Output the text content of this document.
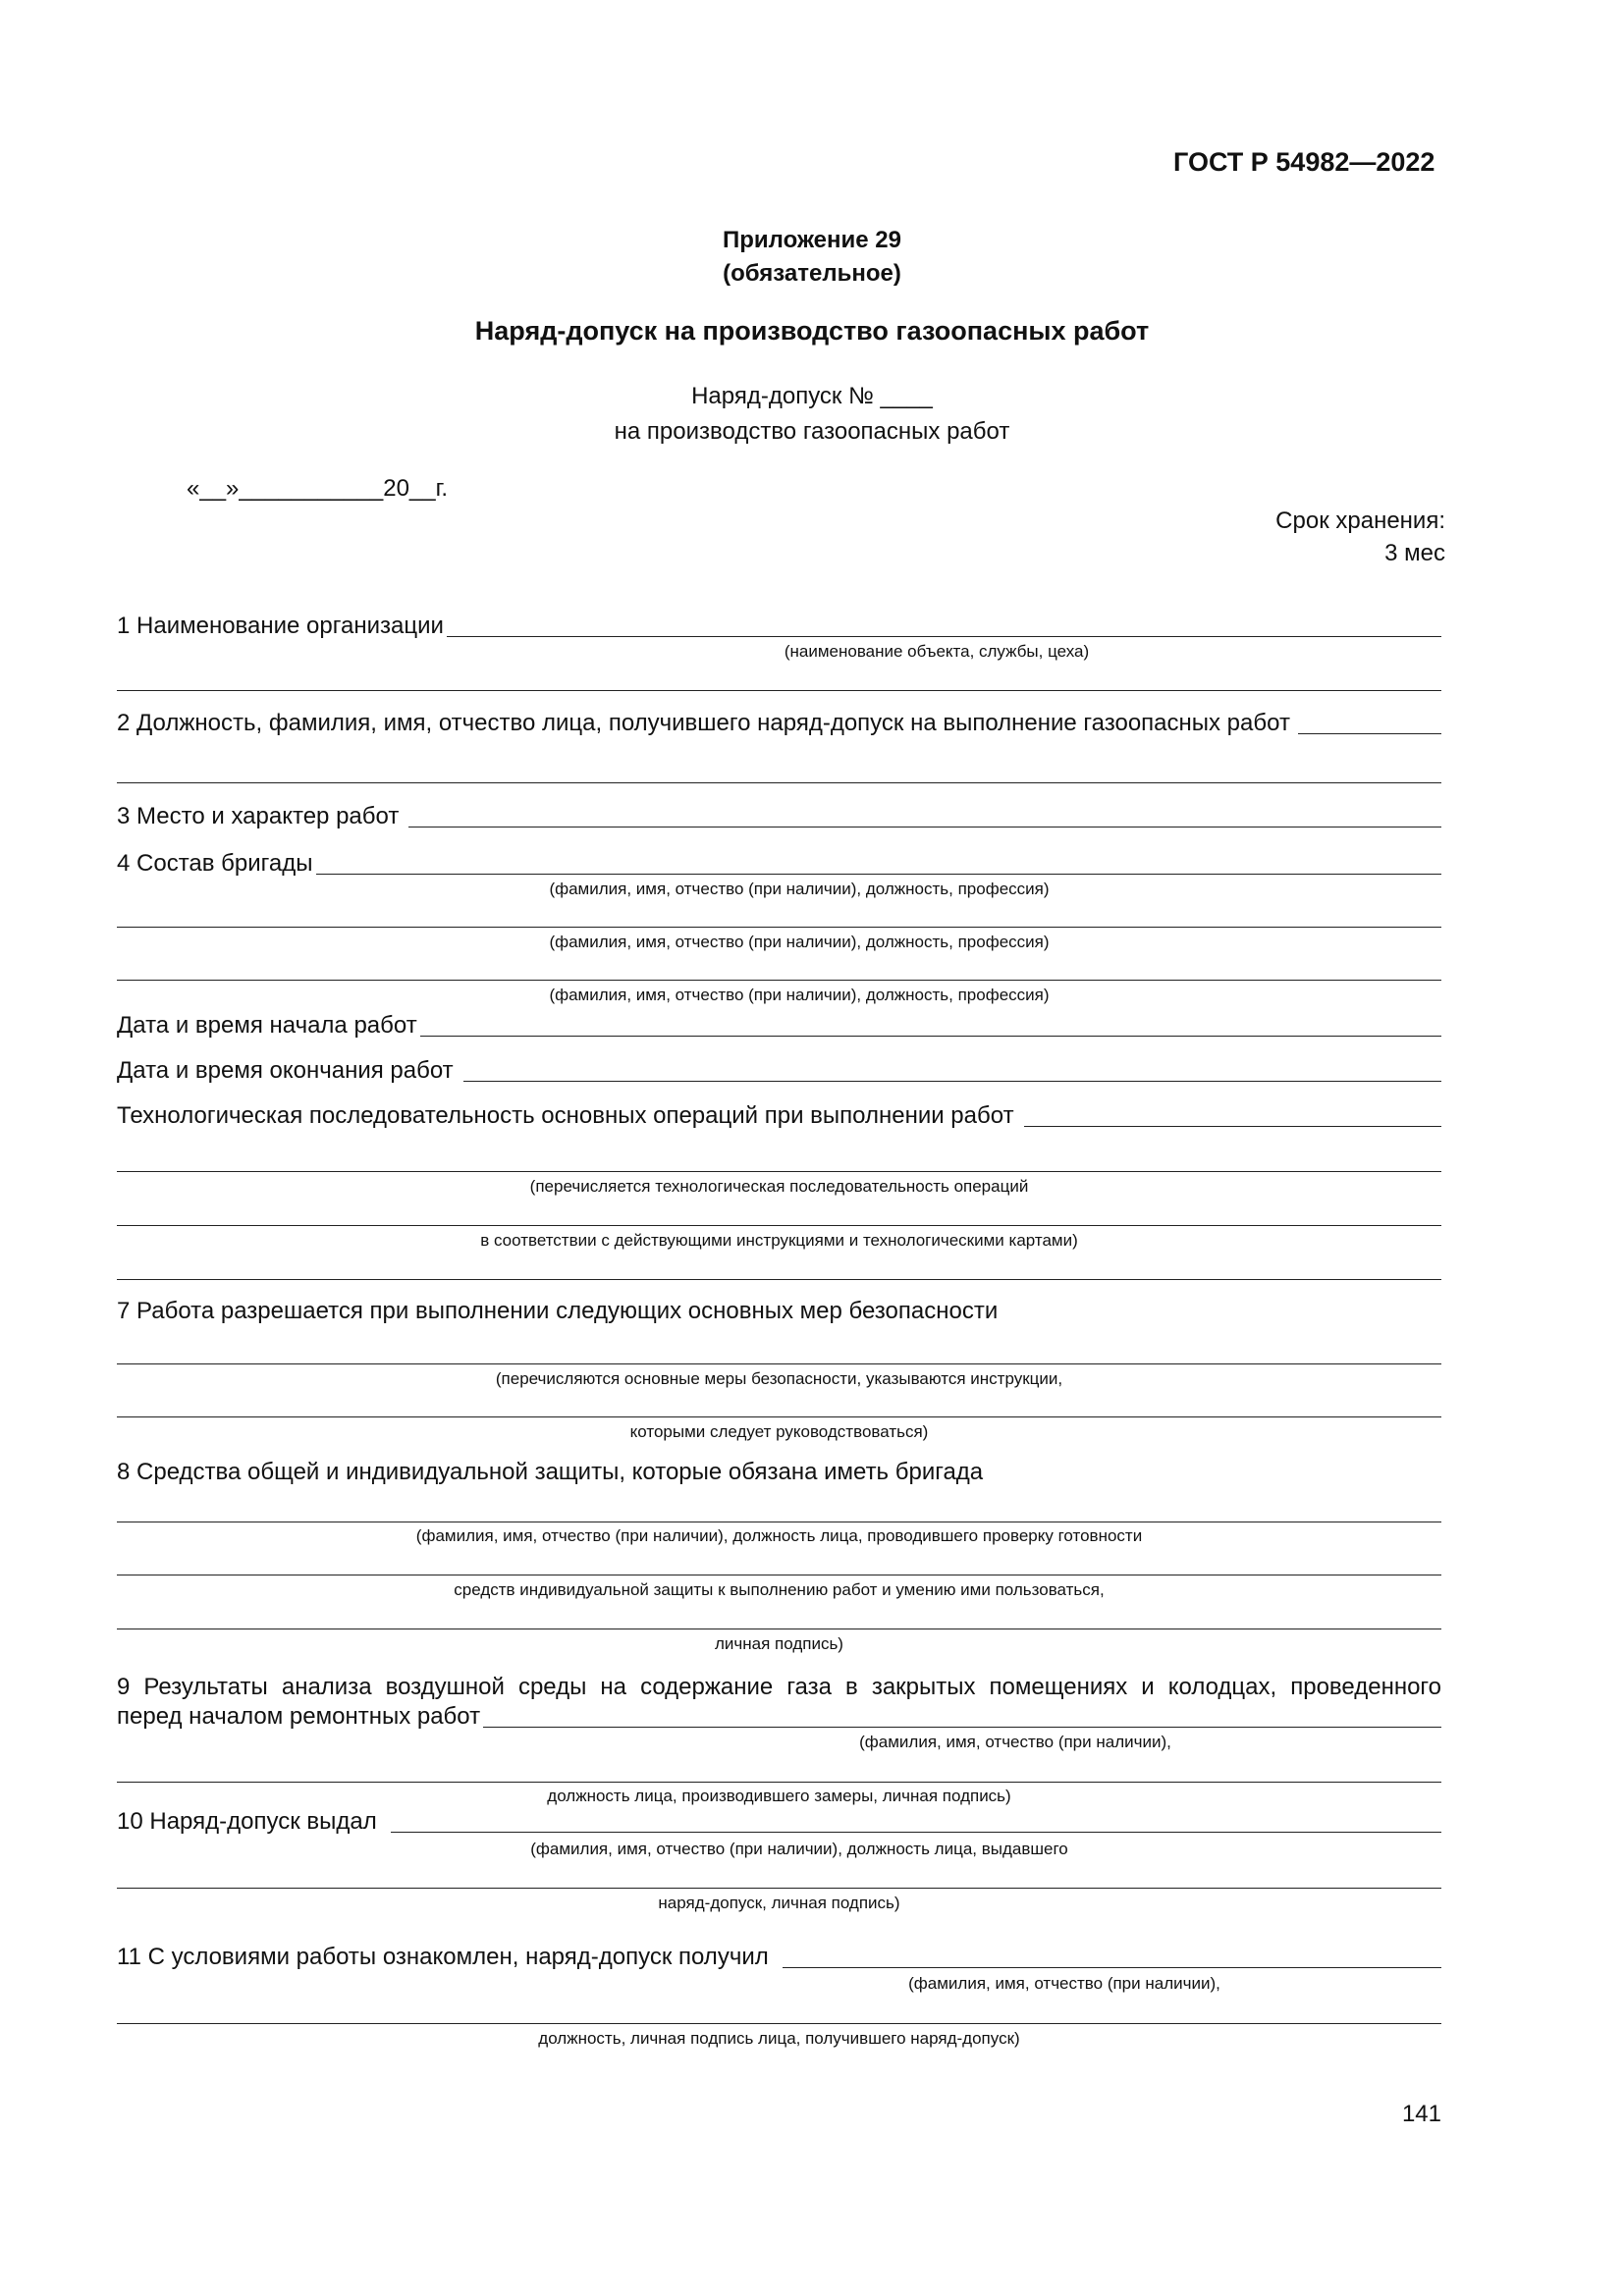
ГОСТ Р 54982—2022
Приложение 29
(обязательное)
Наряд-допуск на производство газоопасных работ
Наряд-допуск № ____
на производство газоопасных работ
«__»___________20__г.
Срок хранения:
3 мес
1 Наименование организации
(наименование объекта, службы, цеха)
2 Должность, фамилия, имя, отчество лица, получившего наряд-допуск на выполнение газоопасных работ
3 Место и характер работ
4 Состав бригады
(фамилия, имя, отчество (при наличии), должность, профессия)
(фамилия, имя, отчество (при наличии), должность, профессия)
(фамилия, имя, отчество (при наличии), должность, профессия)
Дата и время начала работ
Дата и время окончания работ
Технологическая последовательность основных операций при выполнении работ
(перечисляется технологическая последовательность операций
в соответствии с действующими инструкциями и технологическими картами)
7 Работа разрешается при выполнении следующих основных мер безопасности
(перечисляются основные меры безопасности, указываются инструкции,
которыми следует руководствоваться)
8 Средства общей и индивидуальной защиты, которые обязана иметь бригада
(фамилия, имя, отчество (при наличии), должность лица, проводившего проверку готовности
средств индивидуальной защиты к выполнению работ и умению ими пользоваться,
личная подпись)
9 Результаты анализа воздушной среды на содержание газа в закрытых помещениях и колодцах, проведенного
перед началом ремонтных работ
(фамилия, имя, отчество (при наличии),
должность лица, производившего замеры, личная подпись)
10 Наряд-допуск выдал
(фамилия, имя, отчество (при наличии), должность лица, выдавшего
наряд-допуск, личная подпись)
11 С условиями работы ознакомлен, наряд-допуск получил
(фамилия, имя, отчество (при наличии),
должность, личная подпись лица, получившего наряд-допуск)
141
